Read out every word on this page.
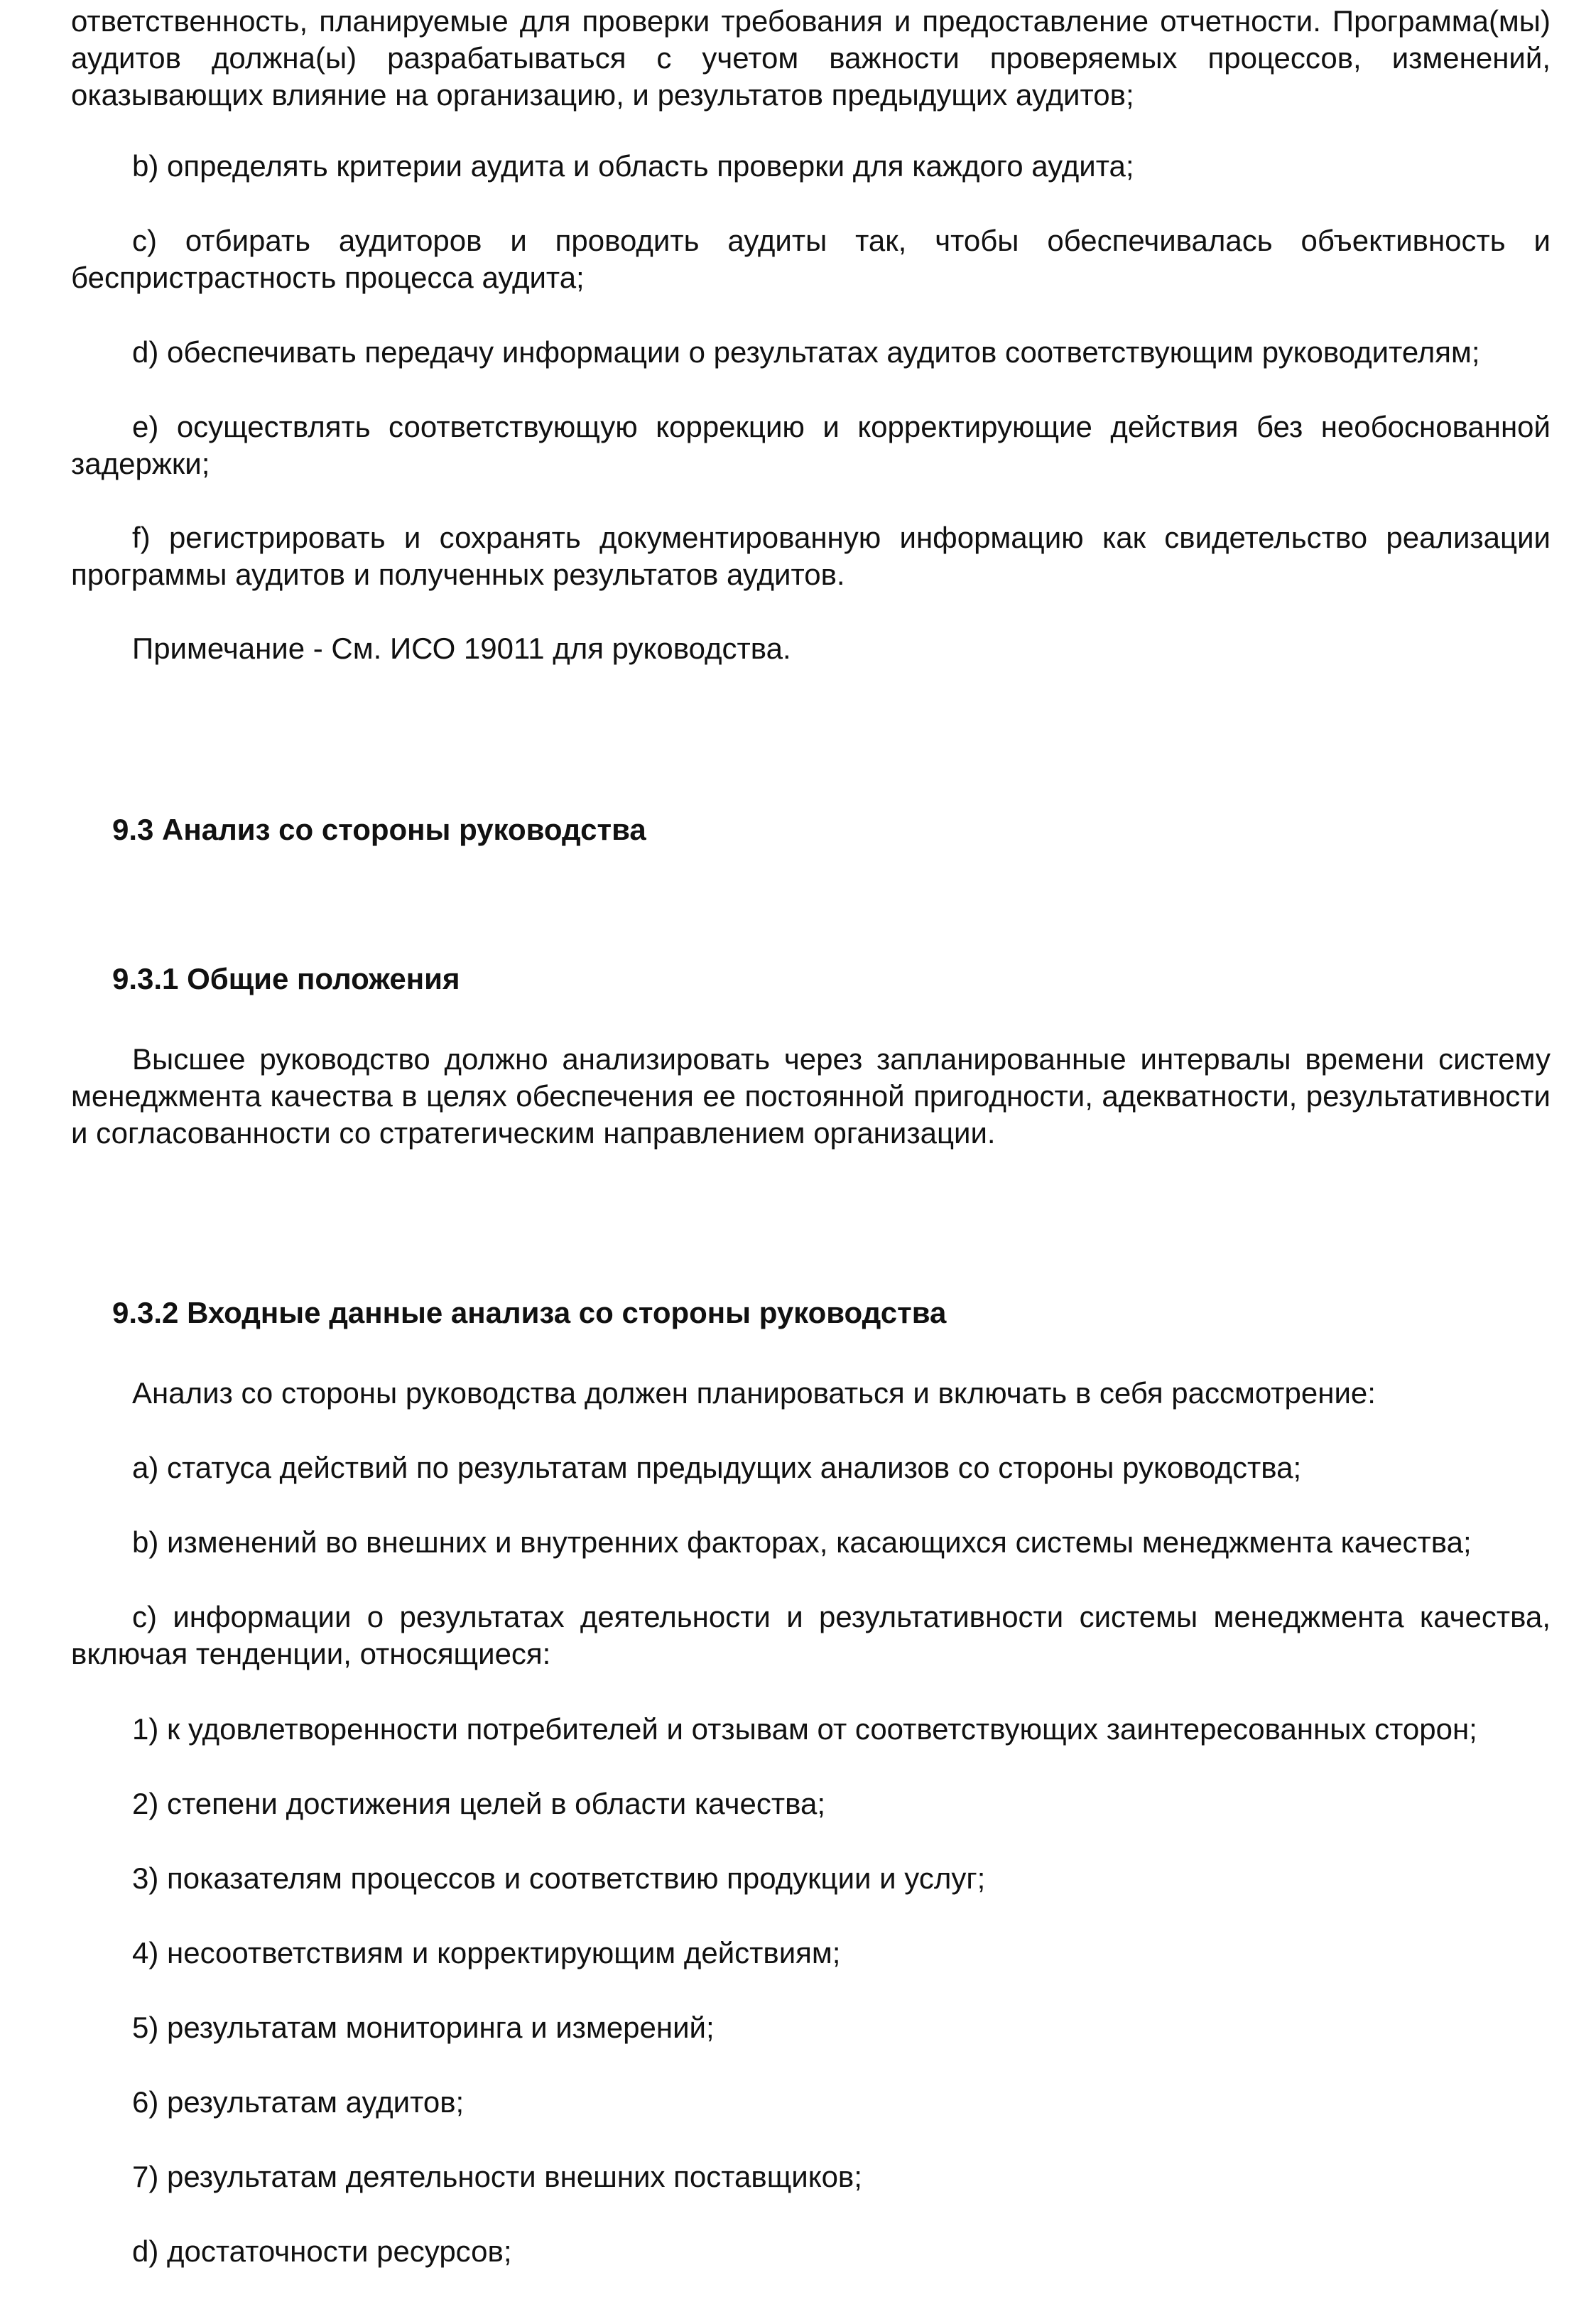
ответственность, планируемые для проверки требования и предоставление отчетности. Программа(мы) аудитов должна(ы) разрабатываться с учетом важности проверяемых процессов, изменений, оказывающих влияние на организацию, и результатов предыдущих аудитов;

b) определять критерии аудита и область проверки для каждого аудита;

c) отбирать аудиторов и проводить аудиты так, чтобы обеспечивалась объективность и беспристрастность процесса аудита;

d) обеспечивать передачу информации о результатах аудитов соответствующим руководителям;

e) осуществлять соответствующую коррекцию и корректирующие действия без необоснованной задержки;

f) регистрировать и сохранять документированную информацию как свидетельство реализации программы аудитов и полученных результатов аудитов.

Примечание - См. ИСО 19011 для руководства.

9.3 Анализ со стороны руководства
9.3.1 Общие положения

Высшее руководство должно анализировать через запланированные интервалы времени систему менеджмента качества в целях обеспечения ее постоянной пригодности, адекватности, результативности и согласованности со стратегическим направлением организации.

9.3.2 Входные данные анализа со стороны руководства

Анализ со стороны руководства должен планироваться и включать в себя рассмотрение:

a) статуса действий по результатам предыдущих анализов со стороны руководства;

b) изменений во внешних и внутренних факторах, касающихся системы менеджмента качества;

c) информации о результатах деятельности и результативности системы менеджмента качества, включая тенденции, относящиеся:

1) к удовлетворенности потребителей и отзывам от соответствующих заинтересованных сторон;

2) степени достижения целей в области качества;

3) показателям процессов и соответствию продукции и услуг;

4) несоответствиям и корректирующим действиям;

5) результатам мониторинга и измерений;

6) результатам аудитов;

7) результатам деятельности внешних поставщиков;

d) достаточности ресурсов;
